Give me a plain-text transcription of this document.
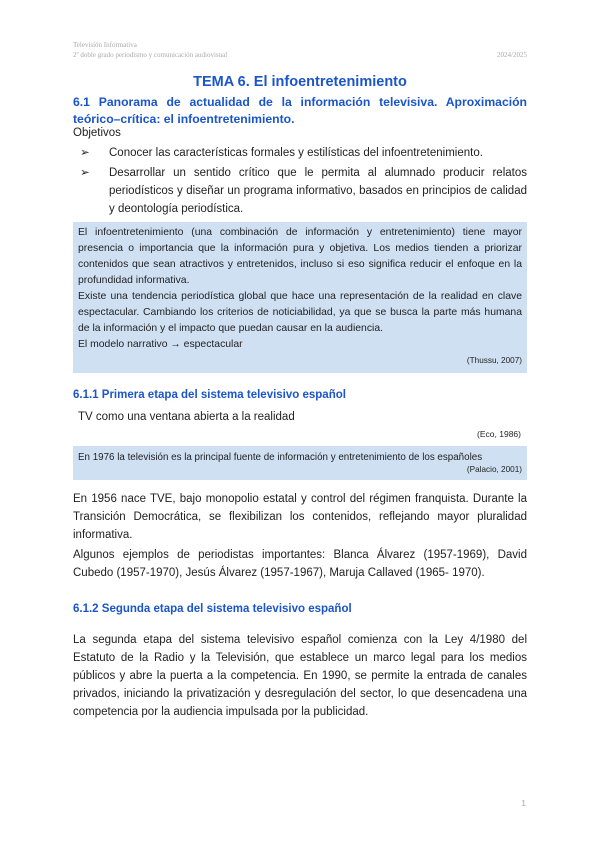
Televisión Informativa
2º doble grado periodismo y comunicación audiovisual	2024/2025
TEMA 6. El infoentretenimiento
6.1 Panorama de actualidad de la información televisiva. Aproximación teórico–crítica: el infoentretenimiento.
Objetivos
➢ Conocer las características formales y estilísticas del infoentretenimiento.
➢ Desarrollar un sentido crítico que le permita al alumnado producir relatos periodísticos y diseñar un programa informativo, basados en principios de calidad y deontología periodística.
El infoentretenimiento (una combinación de información y entretenimiento) tiene mayor presencia o importancia que la información pura y objetiva. Los medios tienden a priorizar contenidos que sean atractivos y entretenidos, incluso si eso significa reducir el enfoque en la profundidad informativa.
Existe una tendencia periodística global que hace una representación de la realidad en clave espectacular. Cambiando los criterios de noticiabilidad, ya que se busca la parte más humana de la información y el impacto que puedan causar en la audiencia.
El modelo narrativo → espectacular
(Thussu, 2007)
6.1.1 Primera etapa del sistema televisivo español
TV como una ventana abierta a la realidad
(Eco, 1986)
En 1976 la televisión es la principal fuente de información y entretenimiento de los españoles
(Palacio, 2001)
En 1956 nace TVE, bajo monopolio estatal y control del régimen franquista. Durante la Transición Democrática, se flexibilizan los contenidos, reflejando mayor pluralidad informativa.
Algunos ejemplos de periodistas importantes: Blanca Álvarez (1957-1969), David Cubedo (1957-1970), Jesús Álvarez (1957-1967), Maruja Callaved (1965- 1970).
6.1.2 Segunda etapa del sistema televisivo español
La segunda etapa del sistema televisivo español comienza con la Ley 4/1980 del Estatuto de la Radio y la Televisión, que establece un marco legal para los medios públicos y abre la puerta a la competencia. En 1990, se permite la entrada de canales privados, iniciando la privatización y desregulación del sector, lo que desencadena una competencia por la audiencia impulsada por la publicidad.
1
